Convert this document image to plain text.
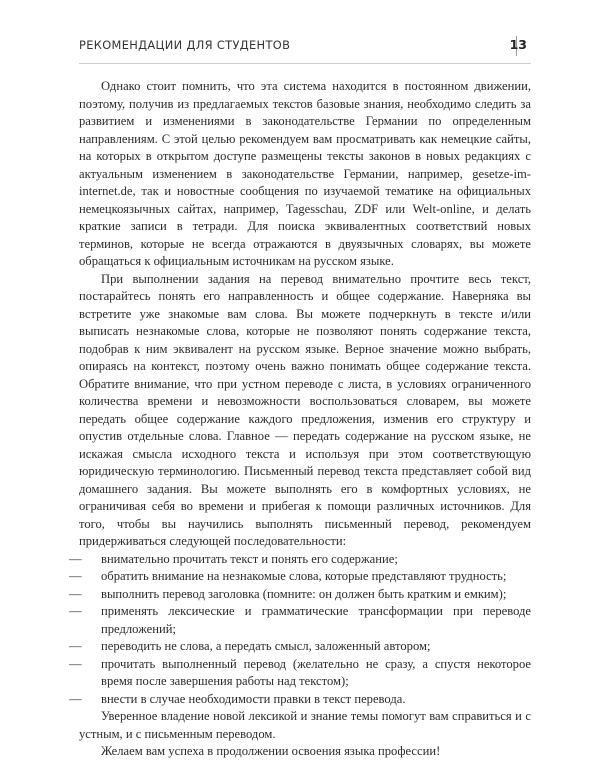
РЕКОМЕНДАЦИИ ДЛЯ СТУДЕНТОВ	13

Однако стоит помнить, что эта система находится в постоянном движении, поэтому, получив из предлагаемых текстов базовые знания, необходимо следить за развитием и изменениями в законодательстве Германии по определенным направлениям. С этой целью рекомендуем вам просматривать как немецкие сайты, на которых в открытом доступе размещены тексты законов в новых редакциях с актуальным изменением в законодательстве Германии, например, gesetze-im-internet.de, так и новостные сообщения по изучаемой тематике на официальных немецкоязычных сайтах, например, Tagesschau, ZDF или Welt-online, и делать краткие записи в тетради. Для поиска эквивалентных соответствий новых терминов, которые не всегда отражаются в двуязычных словарях, вы можете обращаться к официальным источникам на русском языке.

При выполнении задания на перевод внимательно прочтите весь текст, постарайтесь понять его направленность и общее содержание. Наверняка вы встретите уже знакомые вам слова. Вы можете подчеркнуть в тексте и/или выписать незнакомые слова, которые не позволяют понять содержание текста, подобрав к ним эквивалент на русском языке. Верное значение можно выбрать, опираясь на контекст, поэтому очень важно понимать общее содержание текста. Обратите внимание, что при устном переводе с листа, в условиях ограниченного количества времени и невозможности воспользоваться словарем, вы можете передать общее содержание каждого предложения, изменив его структуру и опустив отдельные слова. Главное — передать содержание на русском языке, не искажая смысла исходного текста и используя при этом соответствующую юридическую терминологию. Письменный перевод текста представляет собой вид домашнего задания. Вы можете выполнять его в комфортных условиях, не ограничивая себя во времени и прибегая к помощи различных источников. Для того, чтобы вы научились выполнять письменный перевод, рекомендуем придерживаться следующей последовательности:

— внимательно прочитать текст и понять его содержание;
— обратить внимание на незнакомые слова, которые представляют трудность;
— выполнить перевод заголовка (помните: он должен быть кратким и емким);
— применять лексические и грамматические трансформации при переводе предложений;
— переводить не слова, а передать смысл, заложенный автором;
— прочитать выполненный перевод (желательно не сразу, а спустя некоторое время после завершения работы над текстом);
— внести в случае необходимости правки в текст перевода.

Уверенное владение новой лексикой и знание темы помогут вам справиться и с устным, и с письменным переводом.

Желаем вам успеха в продолжении освоения языка профессии!
